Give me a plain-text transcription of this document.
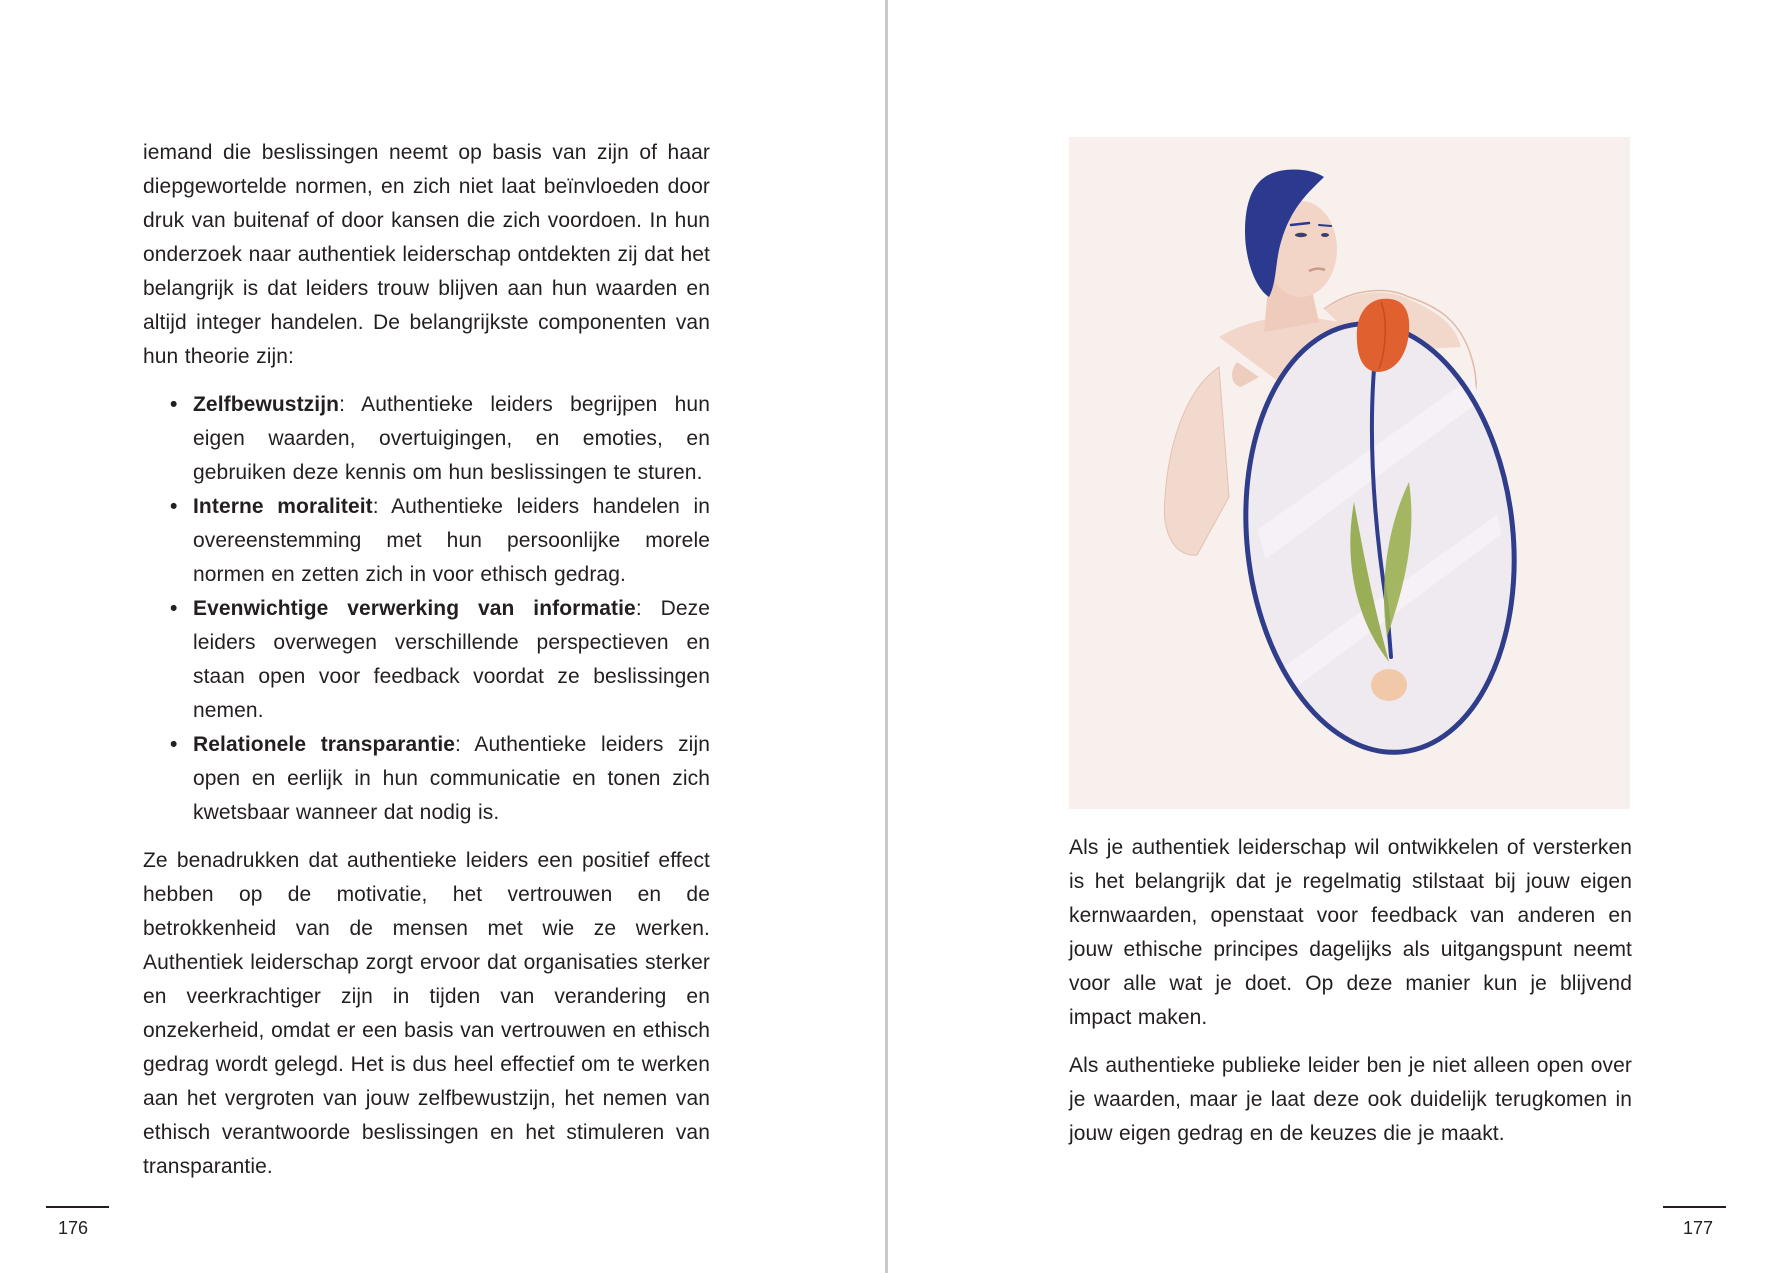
iemand die beslissingen neemt op basis van zijn of haar diepgewortelde normen, en zich niet laat beïnvloeden door druk van buitenaf of door kansen die zich voordoen. In hun onderzoek naar authentiek leiderschap ontdekten zij dat het belangrijk is dat leiders trouw blijven aan hun waarden en altijd integer handelen. De belangrijkste componenten van hun theorie zijn:

• Zelfbewustzijn: Authentieke leiders begrijpen hun eigen waarden, overtuigingen, en emoties, en gebruiken deze kennis om hun beslissingen te sturen.
• Interne moraliteit: Authentieke leiders handelen in overeenstemming met hun persoonlijke morele normen en zetten zich in voor ethisch gedrag.
• Evenwichtige verwerking van informatie: Deze leiders overwegen verschillende perspectieven en staan open voor feedback voordat ze beslissingen nemen.
• Relationele transparantie: Authentieke leiders zijn open en eerlijk in hun communicatie en tonen zich kwetsbaar wanneer dat nodig is.

Ze benadrukken dat authentieke leiders een positief effect hebben op de motivatie, het vertrouwen en de betrokkenheid van de mensen met wie ze werken. Authentiek leiderschap zorgt ervoor dat organisaties sterker en veerkrachtiger zijn in tijden van verandering en onzekerheid, omdat er een basis van vertrouwen en ethisch gedrag wordt gelegd. Het is dus heel effectief om te werken aan het vergroten van jouw zelfbewustzijn, het nemen van ethisch verantwoorde beslissingen en het stimuleren van transparantie.

176

Als je authentiek leiderschap wil ontwikkelen of versterken is het belangrijk dat je regelmatig stilstaat bij jouw eigen kernwaarden, openstaat voor feedback van anderen en jouw ethische principes dagelijks als uitgangspunt neemt voor alle wat je doet. Op deze manier kun je blijvend impact maken.

Als authentieke publieke leider ben je niet alleen open over je waarden, maar je laat deze ook duidelijk terugkomen in jouw eigen gedrag en de keuzes die je maakt.

177
